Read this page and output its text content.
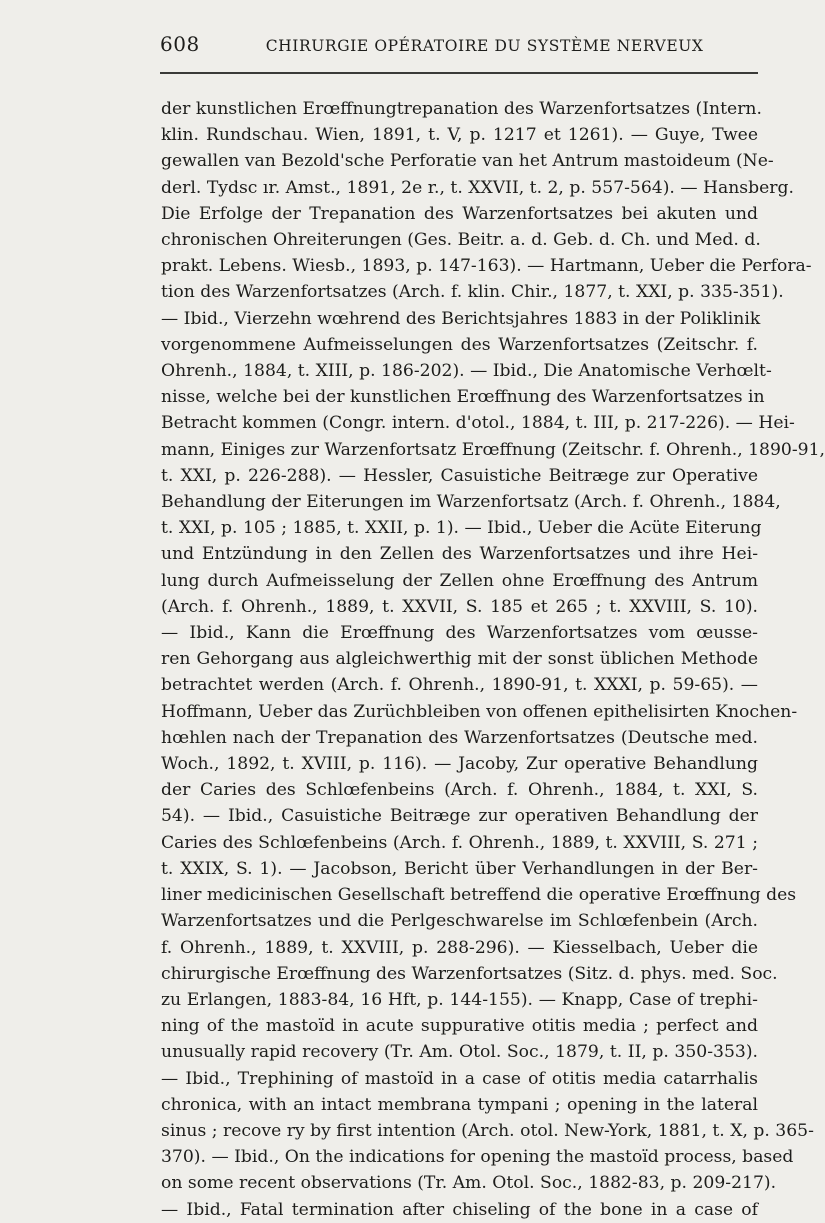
608	CHIRURGIE OPÉRATOIRE DU SYSTÈME NERVEUX
der kunstlichen Erœffnungtrepanation des Warzenfortsatzes (Intern.
klin. Rundschau. Wien, 1891, t. V, p. 1217 et 1261). — Guye, Twee
gewallen van Bezold'sche Perforatie van het Antrum mastoideum (Ne-
derl. Tydsc ır. Amst., 1891, 2e r., t. XXVII, t. 2, p. 557-564). — Hansberg.
Die Erfolge der Trepanation des Warzenfortsatzes bei akuten und
chronischen Ohreiterungen (Ges. Beitr. a. d. Geb. d. Ch. und Med. d.
prakt. Lebens. Wiesb., 1893, p. 147-163). — Hartmann, Ueber die Perfora-
tion des Warzenfortsatzes (Arch. f. klin. Chir., 1877, t. XXI, p. 335-351).
— Ibid., Vierzehn wœhrend des Berichtsjahres 1883 in der Poliklinik
vorgenommene Aufmeisselungen des Warzenfortsatzes (Zeitschr. f.
Ohrenh., 1884, t. XIII, p. 186-202). — Ibid., Die Anatomische Verhœlt-
nisse, welche bei der kunstlichen Erœffnung des Warzenfortsatzes in
Betracht kommen (Congr. intern. d'otol., 1884, t. III, p. 217-226). — Hei-
mann, Einiges zur Warzenfortsatz Erœffnung (Zeitschr. f. Ohrenh., 1890-91,
t. XXI, p. 226-288). — Hessler, Casuistiche Beitræge zur Operative
Behandlung der Eiterungen im Warzenfortsatz (Arch. f. Ohrenh., 1884,
t. XXI, p. 105 ; 1885, t. XXII, p. 1). — Ibid., Ueber die Acüte Eiterung
und Entzündung in den Zellen des Warzenfortsatzes und ihre Hei-
lung durch Aufmeisselung der Zellen ohne Erœffnung des Antrum
(Arch. f. Ohrenh., 1889, t. XXVII, S. 185 et 265 ; t. XXVIII, S. 10).
— Ibid., Kann die Erœffnung des Warzenfortsatzes vom œusse-
ren Gehorgang aus algleichwerthig mit der sonst üblichen Methode
betrachtet werden (Arch. f. Ohrenh., 1890-91, t. XXXI, p. 59-65). —
Hoffmann, Ueber das Zurüchbleiben von offenen epithelisirten Knochen-
hœhlen nach der Trepanation des Warzenfortsatzes (Deutsche med.
Woch., 1892, t. XVIII, p. 116). — Jacoby, Zur operative Behandlung
der Caries des Schlœfenbeins (Arch. f. Ohrenh., 1884, t. XXI, S.
54). — Ibid., Casuistiche Beitræge zur operativen Behandlung der
Caries des Schlœfenbeins (Arch. f. Ohrenh., 1889, t. XXVIII, S. 271 ;
t. XXIX, S. 1). — Jacobson, Bericht über Verhandlungen in der Ber-
liner medicinischen Gesellschaft betreffend die operative Erœffnung des
Warzenfortsatzes und die Perlgeschwarelse im Schlœfenbein (Arch.
f. Ohrenh., 1889, t. XXVIII, p. 288-296). — Kiesselbach, Ueber die
chirurgische Erœffnung des Warzenfortsatzes (Sitz. d. phys. med. Soc.
zu Erlangen, 1883-84, 16 Hft, p. 144-155). — Knapp, Case of trephi-
ning of the mastoïd in acute suppurative otitis media ; perfect and
unusually rapid recovery (Tr. Am. Otol. Soc., 1879, t. II, p. 350-353).
— Ibid., Trephining of mastoïd in a case of otitis media catarrhalis
chronica, with an intact membrana tympani ; opening in the lateral
sinus ; recove ry by first intention (Arch. otol. New-York, 1881, t. X, p. 365-
370). — Ibid., On the indications for opening the mastoïd process, based
on some recent observations (Tr. Am. Otol. Soc., 1882-83, p. 209-217).
— Ibid., Fatal termination after chiseling of the bone in a case of
